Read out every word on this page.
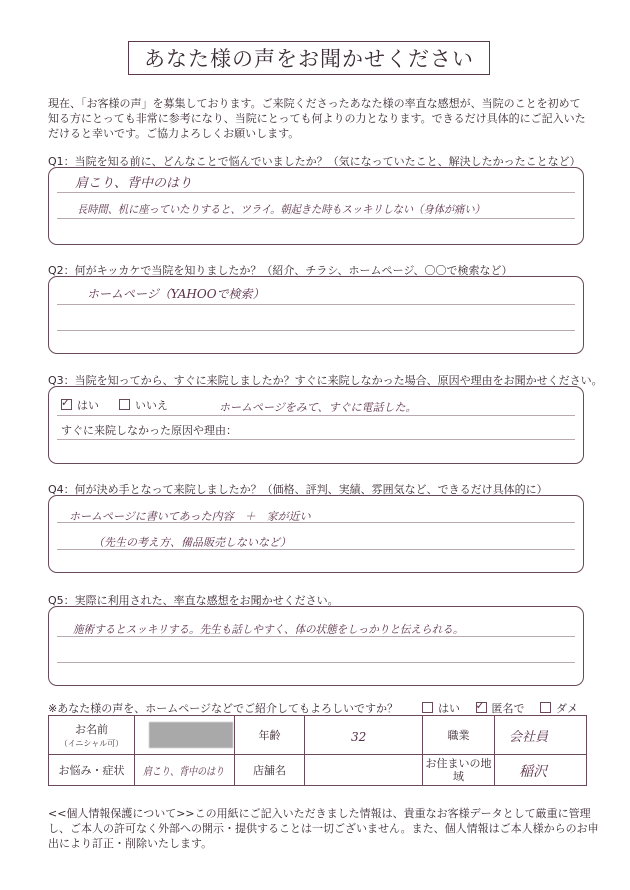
あなた様の声をお聞かせください
現在、「お客様の声」を募集しております。ご来院くださったあなた様の率直な感想が、当院のことを初めて知る方にとっても非常に参考になり、当院にとっても何よりの力となります。できるだけ具体的にご記入いただけると幸いです。ご協力よろしくお願いします。
Q1：当院を知る前に、どんなことで悩んでいましたか？（気になっていたこと、解決したかったことなど）
肩こり、背中のはり
長時間、机に座っていたりすると、ツライ。朝起きた時もスッキリしない（身体が痛い）
Q2：何がキッカケで当院を知りましたか？（紹介、チラシ、ホームページ、〇〇で検索など）
ホームページ（YAHOOで検索）
Q3：当院を知ってから、すぐに来院しましたか？すぐに来院しなかった場合、原因や理由をお聞かせください。
✓はい	いいえ	ホームページをみて、すぐに電話した。
すぐに来院しなかった原因や理由：
Q4：何が決め手となって来院しましたか？（価格、評判、実績、雰囲気など、できるだけ具体的に）
ホームページに書いてあった内容　＋　家が近い
（先生の考え方、備品販売しないなど）
Q5：実際に利用された、率直な感想をお聞かせください。
施術するとスッキリする。先生も話しやすく、体の状態をしっかりと伝えられる。
※あなた様の声を、ホームページなどでご紹介してもよろしいですか？	はい ✓	匿名で	ダメ
お名前
（イニシャル可）		年齢	32	職業	会社員

お悩み・症状	肩こり、背中のはり	店舗名		お住まいの地域	稲沢
<<個人情報保護について>>この用紙にご記入いただきました情報は、貴重なお客様データとして厳重に管理し、ご本人の許可なく外部への開示・提供することは一切ございません。また、個人情報はご本人様からのお申出により訂正・削除いたします。
